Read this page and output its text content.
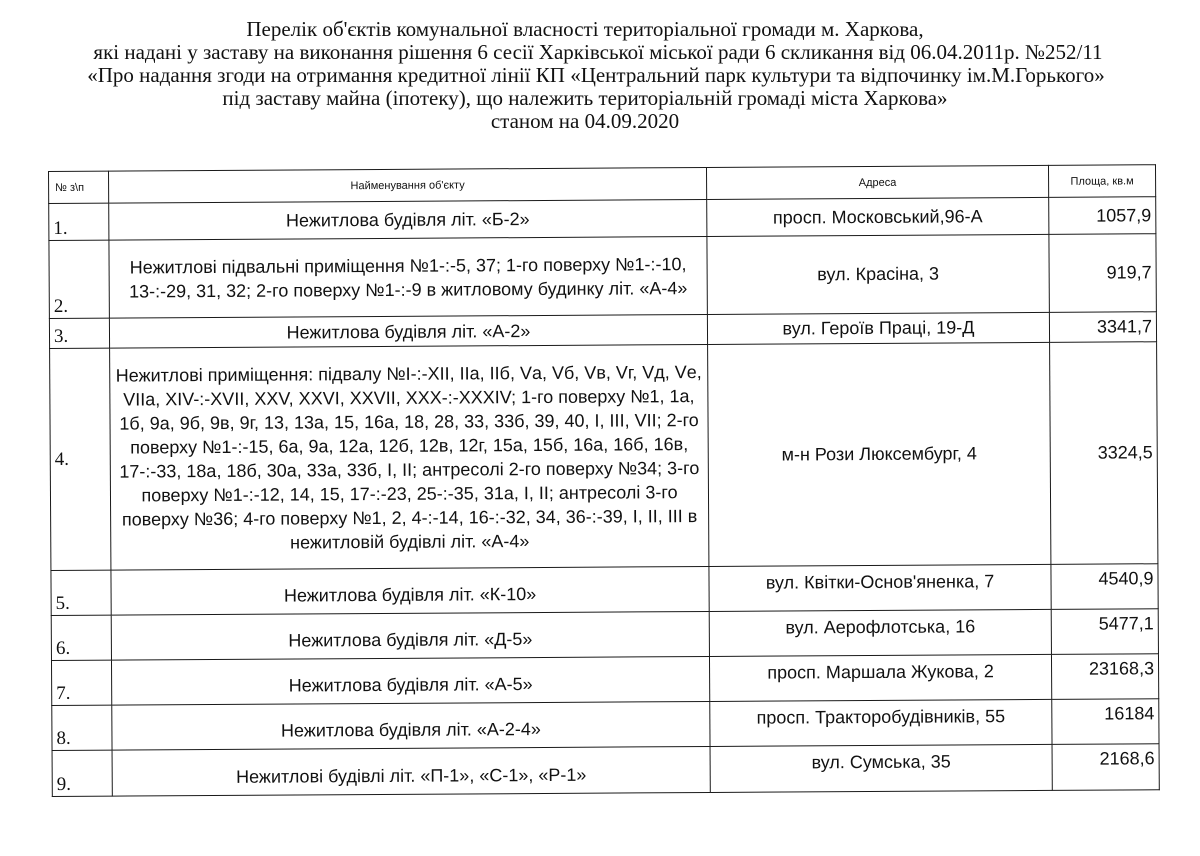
Перелік об'єктів комунальної власності територіальної громади м. Харкова,
які надані у заставу на виконання рішення 6 сесії Харківської міської ради 6 скликання від 06.04.2011р. №252/11
«Про надання згоди на отримання кредитної лінії КП «Центральний парк культури та відпочинку ім.М.Горького»
під заставу майна (іпотеку), що належить територіальній громаді міста Харкова»
станом на 04.09.2020
№ з\п	Найменування об'єкту	Адреса	Площа, кв.м
1.	Нежитлова будівля літ. «Б-2»	просп. Московський,96-А	1057,9
2.	Нежитлові підвальні приміщення №1-:-5, 37; 1-го поверху №1-:-10, 13-:-29, 31, 32; 2-го поверху №1-:-9 в житловому будинку літ. «А-4»	вул. Красіна, 3	919,7
3.	Нежитлова будівля літ. «А-2»	вул. Героїв Праці, 19-Д	3341,7
4.	Нежитлові приміщення: підвалу №І-:-ХІІ, ІІа, ІІб, Vа, Vб, Vв, Vг, Vд, Vе, VІІа, ХІV-:-ХVІІ, ХХV, ХХVІ, ХХVІІ, ХХХ-:-ХХХІV; 1-го поверху №1, 1а, 1б, 9а, 9б, 9в, 9г, 13, 13а, 15, 16а, 18, 28, 33, 33б, 39, 40, І, ІІІ, VІІ; 2-го поверху №1-:-15, 6а, 9а, 12а, 12б, 12в, 12г, 15а, 15б, 16а, 16б, 16в, 17-:-33, 18а, 18б, 30а, 33а, 33б, І, ІІ; антресолі 2-го поверху №34; 3-го поверху №1-:-12, 14, 15, 17-:-23, 25-:-35, 31а, І, ІІ; антресолі 3-го поверху №36; 4-го поверху №1, 2, 4-:-14, 16-:-32, 34, 36-:-39, І, ІІ, ІІІ в нежитловій будівлі літ. «А-4»	м-н Рози Люксембург, 4	3324,5
5.	Нежитлова будівля літ. «К-10»	вул. Квітки-Основ'яненка, 7	4540,9
6.	Нежитлова будівля літ. «Д-5»	вул. Аерофлотська, 16	5477,1
7.	Нежитлова будівля літ. «А-5»	просп. Маршала Жукова, 2	23168,3
8.	Нежитлова будівля літ. «А-2-4»	просп. Тракторобудівників, 55	16184
9.	Нежитлові будівлі літ. «П-1», «С-1», «Р-1»	вул. Сумська, 35	2168,6
